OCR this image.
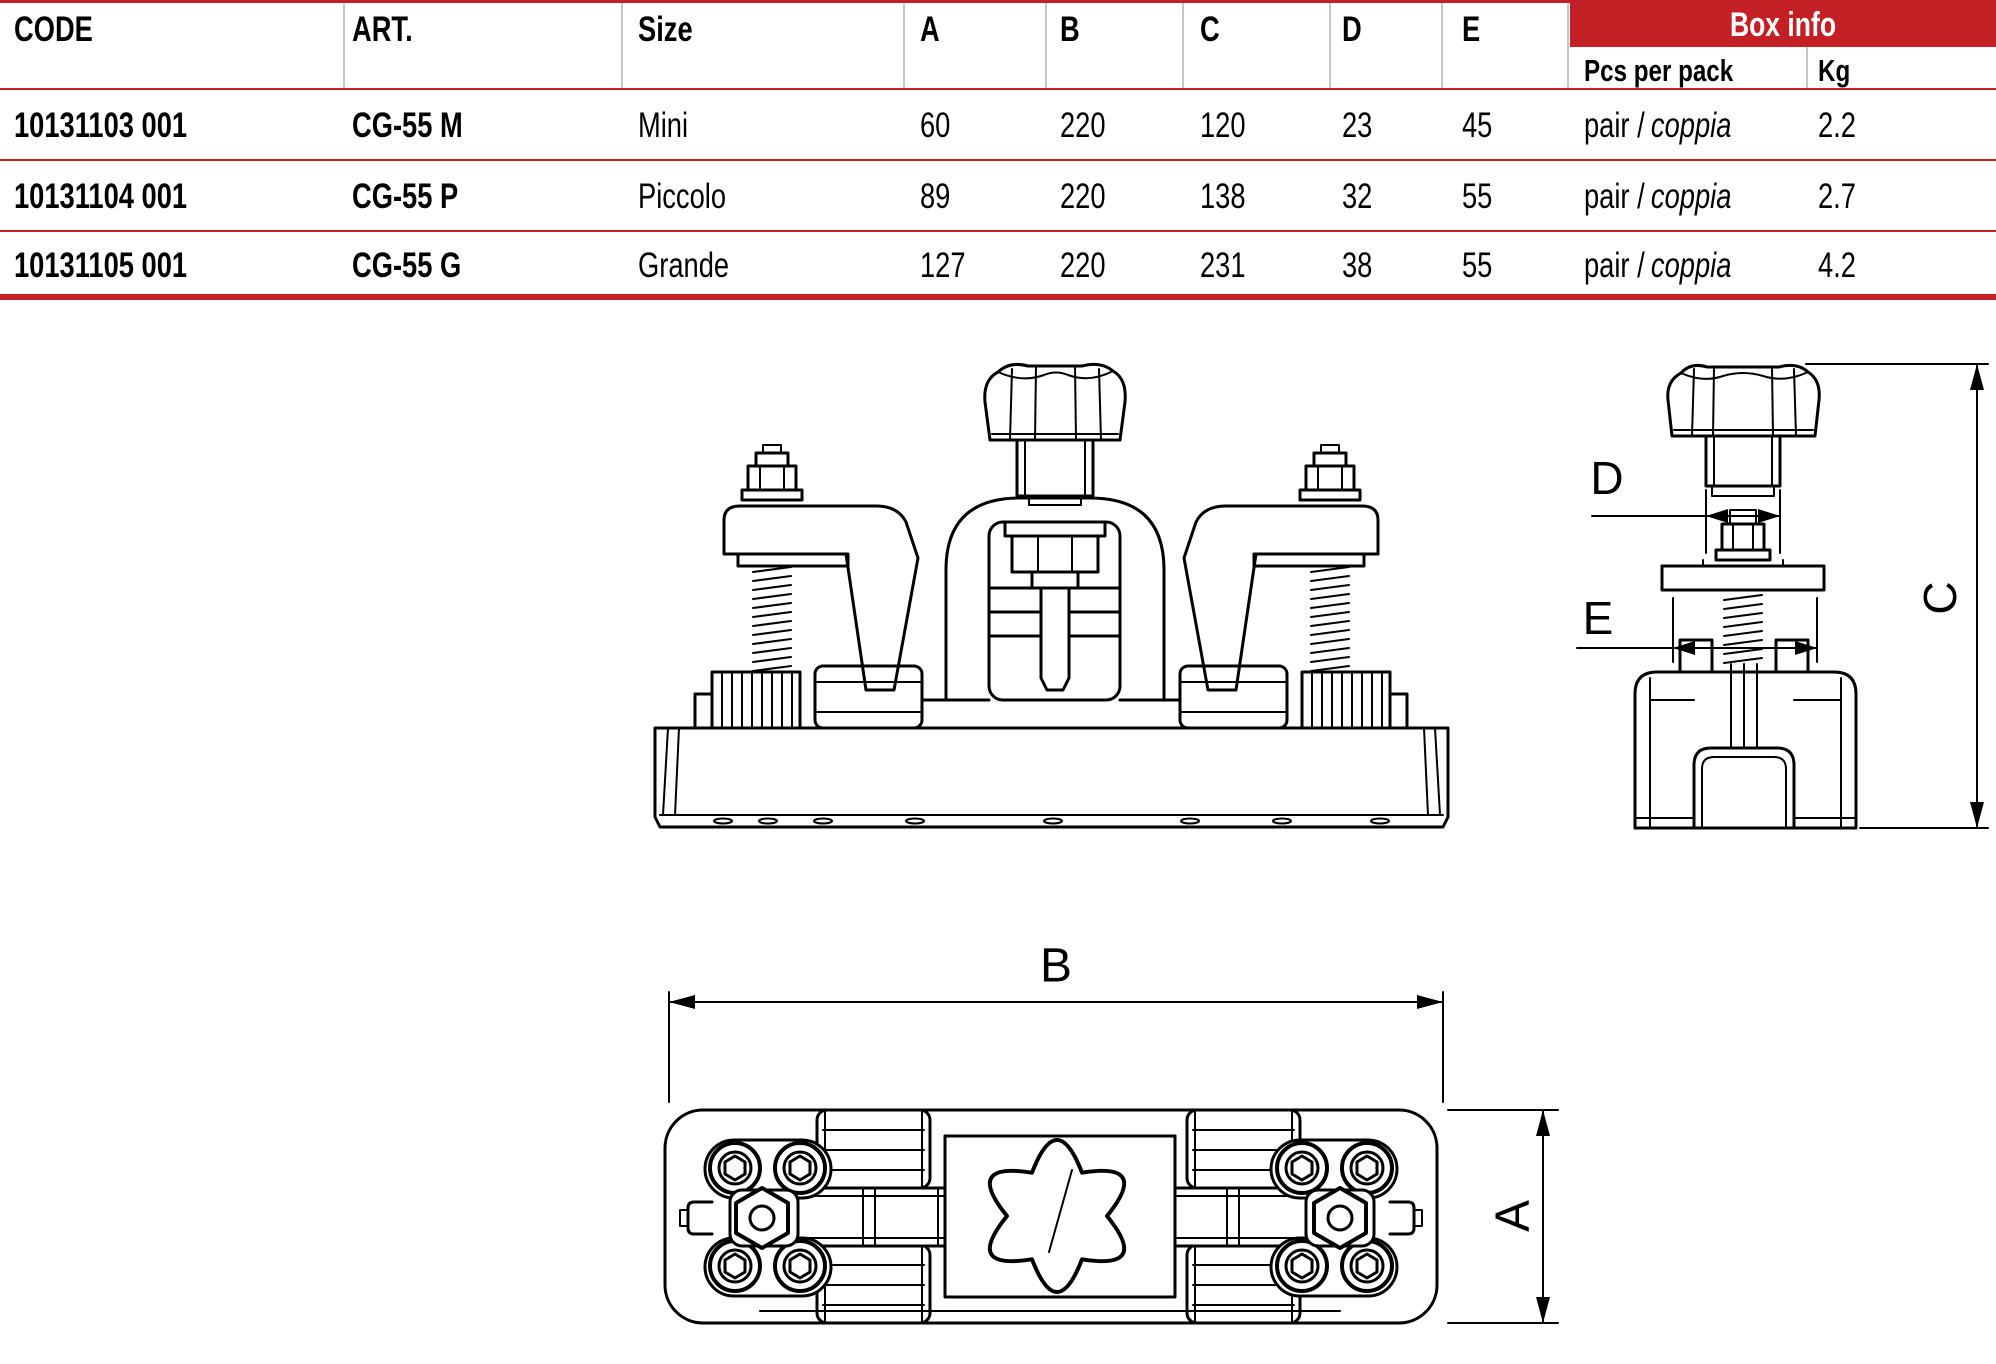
CODE	ART.	Size	A	B	C	D	E	Box info
Pcs per pack	Kg
10131103 001	CG-55 M	Mini	60	220	120	23	45	pair / coppia	2.2
10131104 001	CG-55 P	Piccolo	89	220	138	32	55	pair / coppia	2.7
10131105 001	CG-55 G	Grande	127	220	231	38	55	pair / coppia	4.2
D
E	C
B
A
